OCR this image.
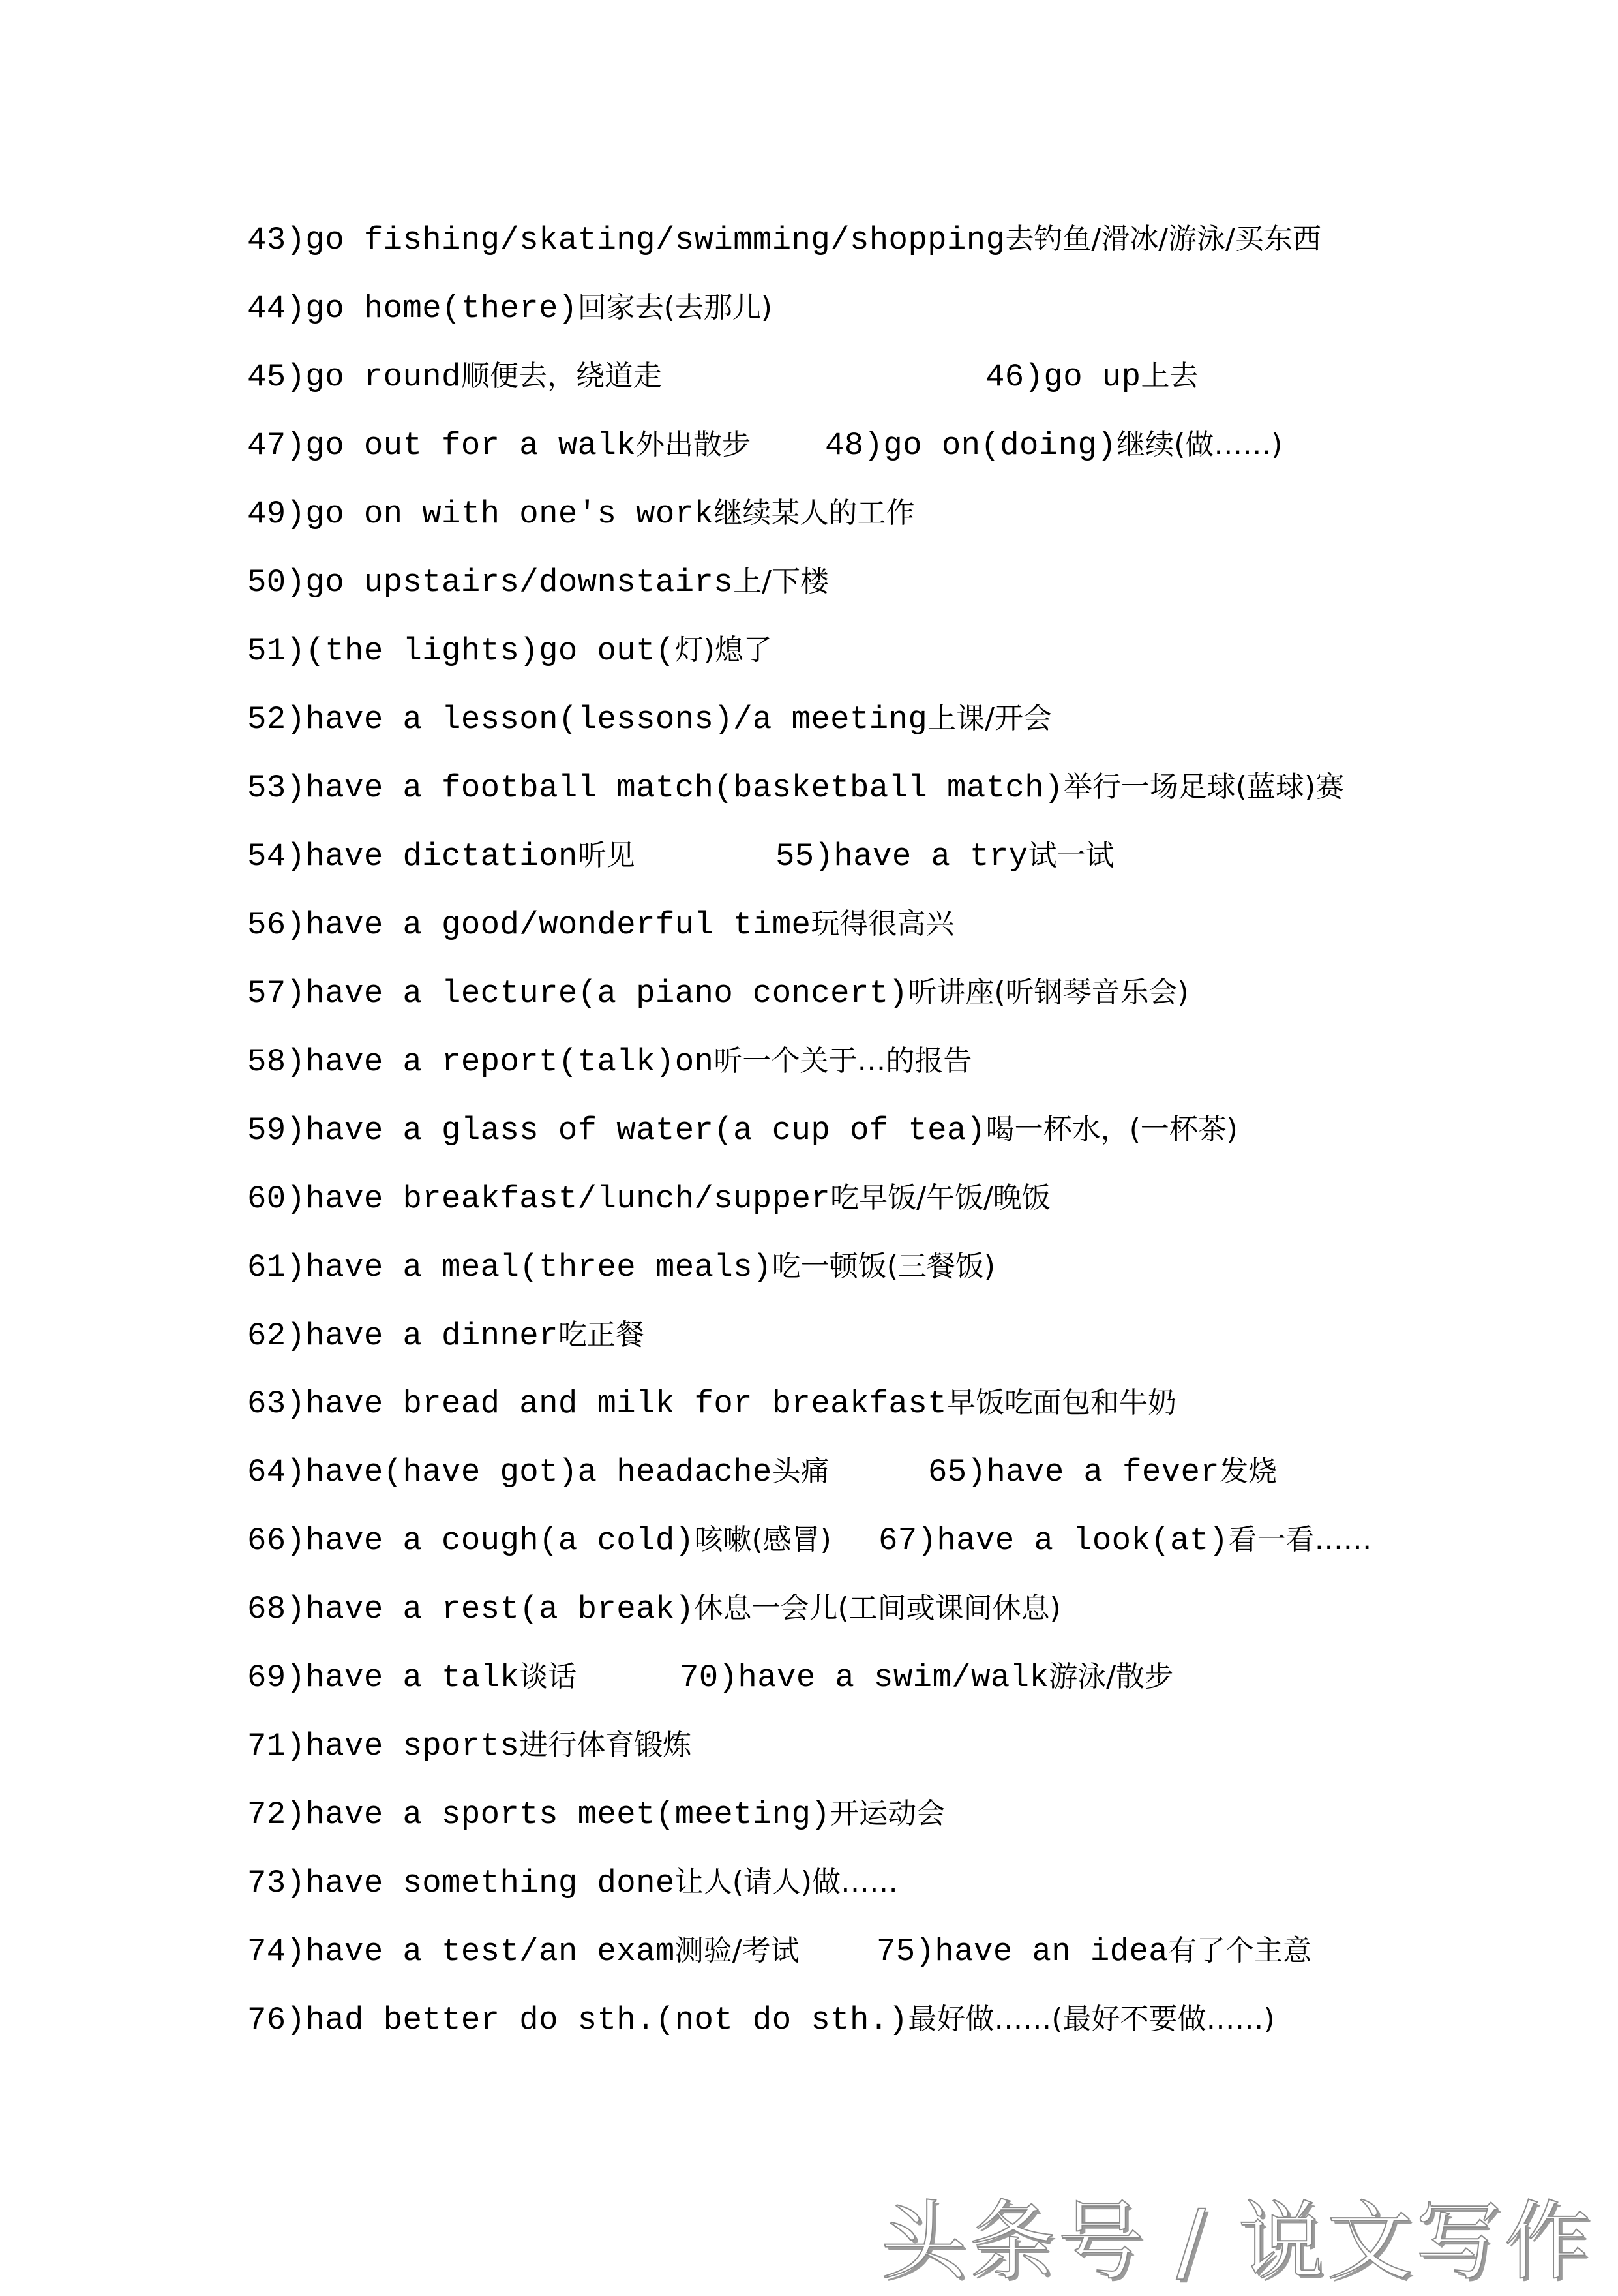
43)go fishing/skating/swimming/shopping去钓鱼/滑冰/游泳/买东西
44)go home(there)回家去(去那儿)
45)go round顺便去，绕道走	46)go up上去
47)go out for a walk外出散步 48)go on(doing)继续(做……)
49)go on with one's work继续某人的工作
50)go upstairs/downstairs上/下楼
51)(the lights)go out(灯)熄了
52)have a lesson(lessons)/a meeting上课/开会
53)have a football match(basketball match)举行一场足球(蓝球)赛
54)have dictation听见	55)have a try试一试
56)have a good/wonderful time玩得很高兴
57)have a lecture(a piano concert)听讲座(听钢琴音乐会)
58)have a report(talk)on听一个关于…的报告
59)have a glass of water(a cup of tea)喝一杯水，(一杯茶)
60)have breakfast/lunch/supper吃早饭/午饭/晚饭
61)have a meal(three meals)吃一顿饭(三餐饭)
62)have a dinner吃正餐
63)have bread and milk for breakfast早饭吃面包和牛奶
64)have(have got)a headache头痛	65)have a fever发烧
66)have a cough(a cold)咳嗽(感冒) 67)have a look(at)看一看……
68)have a rest(a break)休息一会儿(工间或课间休息)
69)have a talk谈话	70)have a swim/walk游泳/散步
71)have sports进行体育锻炼
72)have a sports meet(meeting)开运动会
73)have something done让人(请人)做……
74)have a test/an exam测验/考试 75)have an idea有了个主意
76)had better do sth.(not do sth.)最好做……(最好不要做……)
头条号 / 说文写作
